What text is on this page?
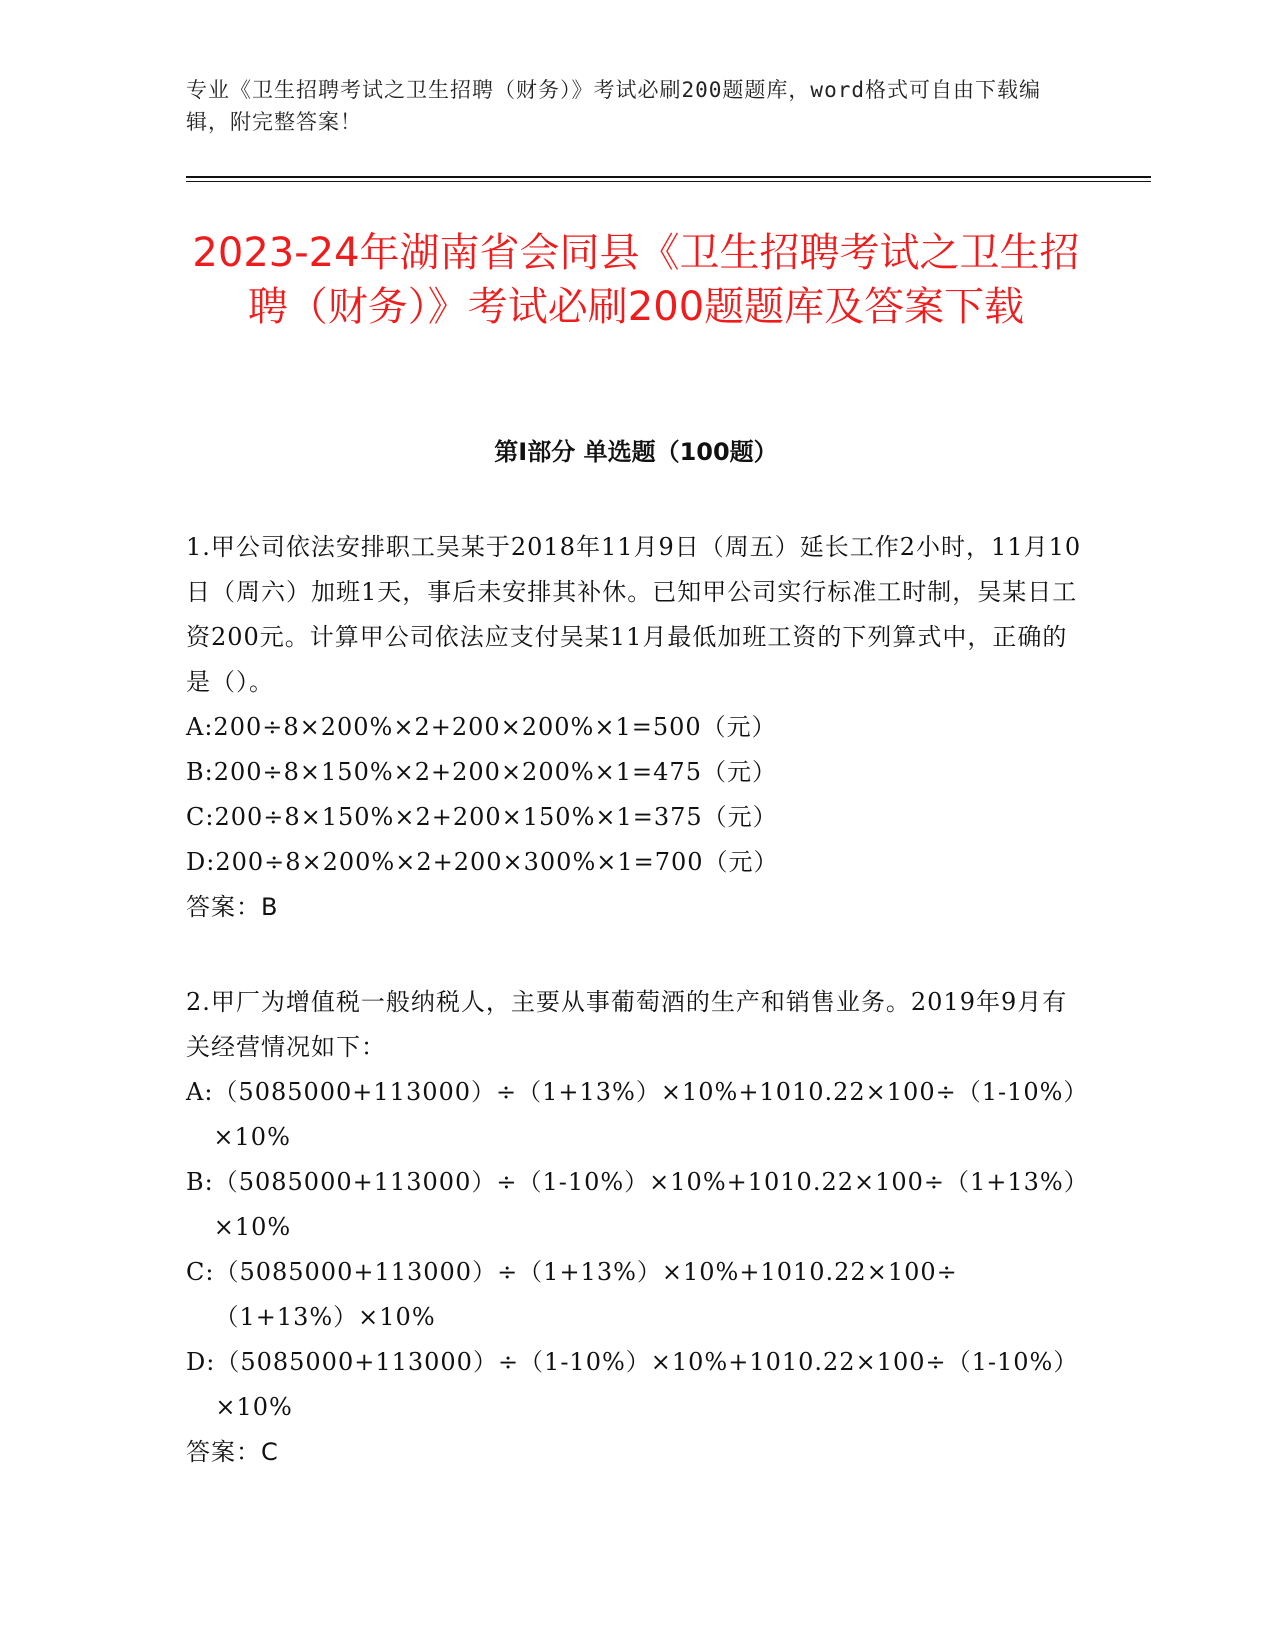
专业《卫生招聘考试之卫生招聘（财务）》考试必刷200题题库，word格式可自由下载编辑，附完整答案！
2023-24年湖南省会同县《卫生招聘考试之卫生招聘（财务）》考试必刷200题题库及答案下载
第I部分 单选题（100题）

1.甲公司依法安排职工吴某于2018年11月9日（周五）延长工作2小时，11月10日（周六）加班1天，事后未安排其补休。已知甲公司实行标准工时制，吴某日工资200元。计算甲公司依法应支付吴某11月最低加班工资的下列算式中，正确的是（）。

A: 200÷8×200%×2+200×200%×1=500（元）

B: 200÷8×150%×2+200×200%×1=475（元）

C: 200÷8×150%×2+200×150%×1=375（元）

D: 200÷8×200%×2+200×300%×1=700（元）

答案：B

2.甲厂为增值税一般纳税人，主要从事葡萄酒的生产和销售业务。2019年9月有关经营情况如下：

A: （5085000+113000）÷（1+13%）×10%+1010.22×100÷（1-10%）×10%

B: （5085000+113000）÷（1-10%）×10%+1010.22×100÷（1+13%）×10%

C: （5085000+113000）÷（1+13%）×10%+1010.22×100÷（1+13%）×10%

D: （5085000+113000）÷（1-10%）×10%+1010.22×100÷（1-10%）×10%

答案：C
